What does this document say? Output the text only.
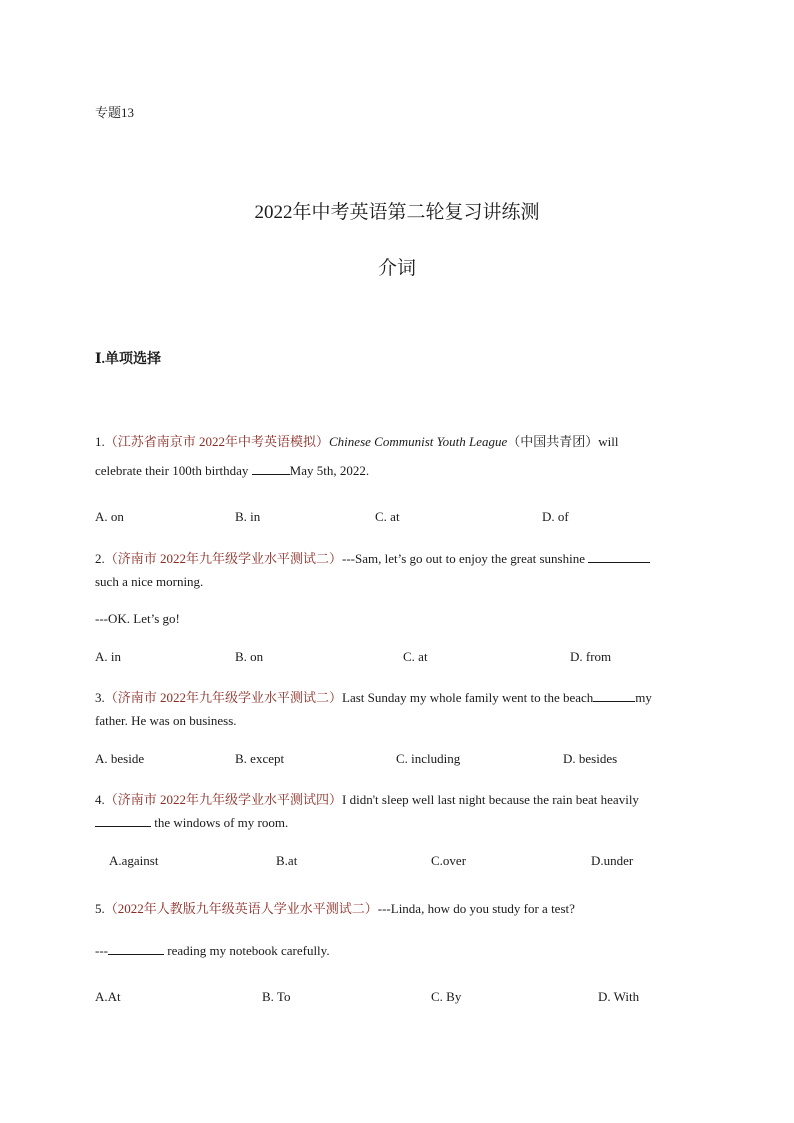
专题13
2022年中考英语第二轮复习讲练测
介词
Ⅰ.单项选择
1.（江苏省南京市 2022年中考英语模拟）Chinese Communist Youth League（中国共青团）will
celebrate their 100th birthday	May 5th, 2022.
A. on	B. in	C. at	D. of
2.（济南市 2022年九年级学业水平测试二）---Sam, let’s go out to enjoy the great sunshine
such a nice morning.
---OK. Let’s go!
A. in	B. on	C. at	D. from
3.（济南市 2022年九年级学业水平测试二）Last Sunday my whole family went to the beach	my
father. He was on business.
A. beside	B. except	C. including	D. besides
4.（济南市 2022年九年级学业水平测试四）I didn't sleep well last night because the rain beat heavily
the windows of my room.
A.against	B.at	C.over	D.under
5.（2022年人教版九年级英语人学业水平测试二）---Linda, how do you study for a test?
---	reading my notebook carefully.
A.At	B. To	C. By	D. With
